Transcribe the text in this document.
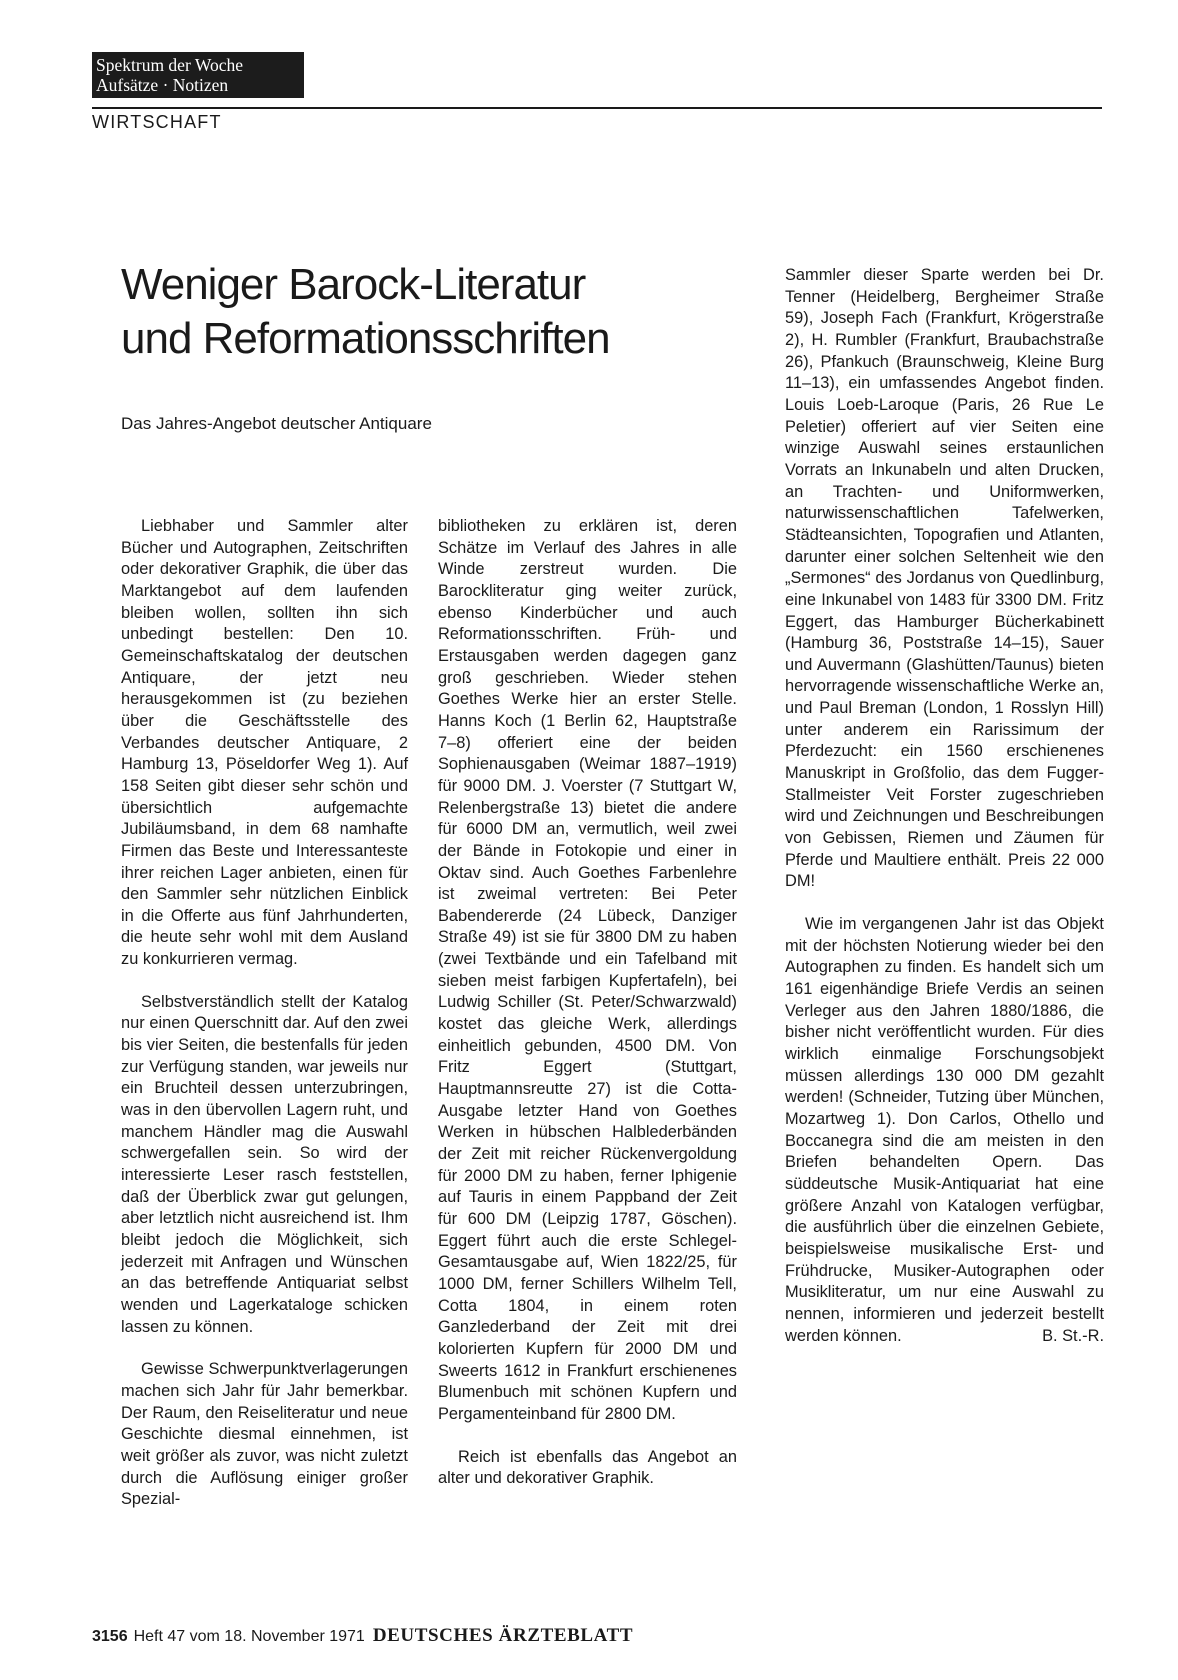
Spektrum der Woche
Aufsätze · Notizen
WIRTSCHAFT
Weniger Barock-Literatur
und Reformationsschriften
Das Jahres-Angebot deutscher Antiquare

Liebhaber und Sammler alter Bücher und Autographen, Zeitschriften oder dekorativer Graphik, die über das Marktangebot auf dem laufenden bleiben wollen, sollten ihn sich unbedingt bestellen: Den 10. Gemeinschaftskatalog der deutschen Antiquare, der jetzt neu herausgekommen ist (zu beziehen über die Geschäftsstelle des Verbandes deutscher Antiquare, 2 Hamburg 13, Pöseldorfer Weg 1). Auf 158 Seiten gibt dieser sehr schön und übersichtlich aufgemachte Jubiläumsband, in dem 68 namhafte Firmen das Beste und Interessanteste ihrer reichen Lager anbieten, einen für den Sammler sehr nützlichen Einblick in die Offerte aus fünf Jahrhunderten, die heute sehr wohl mit dem Ausland zu konkurrieren vermag.

Selbstverständlich stellt der Katalog nur einen Querschnitt dar. Auf den zwei bis vier Seiten, die bestenfalls für jeden zur Verfügung standen, war jeweils nur ein Bruchteil dessen unterzubringen, was in den übervollen Lagern ruht, und manchem Händler mag die Auswahl schwergefallen sein. So wird der interessierte Leser rasch feststellen, daß der Überblick zwar gut gelungen, aber letztlich nicht ausreichend ist. Ihm bleibt jedoch die Möglichkeit, sich jederzeit mit Anfragen und Wünschen an das betreffende Antiquariat selbst wenden und Lagerkataloge schicken lassen zu können.

Gewisse Schwerpunktverlagerungen machen sich Jahr für Jahr bemerkbar. Der Raum, den Reiseliteratur und neue Geschichte diesmal einnehmen, ist weit größer als zuvor, was nicht zuletzt durch die Auflösung einiger großer Spezial-

bibliotheken zu erklären ist, deren Schätze im Verlauf des Jahres in alle Winde zerstreut wurden. Die Barockliteratur ging weiter zurück, ebenso Kinderbücher und auch Reformationsschriften. Früh- und Erstausgaben werden dagegen ganz groß geschrieben. Wieder stehen Goethes Werke hier an erster Stelle. Hanns Koch (1 Berlin 62, Hauptstraße 7–8) offeriert eine der beiden Sophienausgaben (Weimar 1887–1919) für 9000 DM. J. Voerster (7 Stuttgart W, Relenbergstraße 13) bietet die andere für 6000 DM an, vermutlich, weil zwei der Bände in Fotokopie und einer in Oktav sind. Auch Goethes Farbenlehre ist zweimal vertreten: Bei Peter Babendererde (24 Lübeck, Danziger Straße 49) ist sie für 3800 DM zu haben (zwei Textbände und ein Tafelband mit sieben meist farbigen Kupfertafeln), bei Ludwig Schiller (St. Peter/Schwarzwald) kostet das gleiche Werk, allerdings einheitlich gebunden, 4500 DM. Von Fritz Eggert (Stuttgart, Hauptmannsreutte 27) ist die Cotta-Ausgabe letzter Hand von Goethes Werken in hübschen Halblederbänden der Zeit mit reicher Rückenvergoldung für 2000 DM zu haben, ferner Iphigenie auf Tauris in einem Pappband der Zeit für 600 DM (Leipzig 1787, Göschen). Eggert führt auch die erste Schlegel-Gesamtausgabe auf, Wien 1822/25, für 1000 DM, ferner Schillers Wilhelm Tell, Cotta 1804, in einem roten Ganzlederband der Zeit mit drei kolorierten Kupfern für 2000 DM und Sweerts 1612 in Frankfurt erschienenes Blumenbuch mit schönen Kupfern und Pergamenteinband für 2800 DM.

Reich ist ebenfalls das Angebot an alter und dekorativer Graphik.

Sammler dieser Sparte werden bei Dr. Tenner (Heidelberg, Bergheimer Straße 59), Joseph Fach (Frankfurt, Krögerstraße 2), H. Rumbler (Frankfurt, Braubachstraße 26), Pfankuch (Braunschweig, Kleine Burg 11–13), ein umfassendes Angebot finden. Louis Loeb-Laroque (Paris, 26 Rue Le Peletier) offeriert auf vier Seiten eine winzige Auswahl seines erstaunlichen Vorrats an Inkunabeln und alten Drucken, an Trachten- und Uniformwerken, naturwissenschaftlichen Tafelwerken, Städteansichten, Topografien und Atlanten, darunter einer solchen Seltenheit wie den „Sermones“ des Jordanus von Quedlinburg, eine Inkunabel von 1483 für 3300 DM. Fritz Eggert, das Hamburger Bücherkabinett (Hamburg 36, Poststraße 14–15), Sauer und Auvermann (Glashütten/Taunus) bieten hervorragende wissenschaftliche Werke an, und Paul Breman (London, 1 Rosslyn Hill) unter anderem ein Rarissimum der Pferdezucht: ein 1560 erschienenes Manuskript in Großfolio, das dem Fugger-Stallmeister Veit Forster zugeschrieben wird und Zeichnungen und Beschreibungen von Gebissen, Riemen und Zäumen für Pferde und Maultiere enthält. Preis 22 000 DM!

Wie im vergangenen Jahr ist das Objekt mit der höchsten Notierung wieder bei den Autographen zu finden. Es handelt sich um 161 eigenhändige Briefe Verdis an seinen Verleger aus den Jahren 1880/1886, die bisher nicht veröffentlicht wurden. Für dies wirklich einmalige Forschungsobjekt müssen allerdings 130 000 DM gezahlt werden! (Schneider, Tutzing über München, Mozartweg 1). Don Carlos, Othello und Boccanegra sind die am meisten in den Briefen behandelten Opern. Das süddeutsche Musik-Antiquariat hat eine größere Anzahl von Katalogen verfügbar, die ausführlich über die einzelnen Gebiete, beispielsweise musikalische Erst- und Frühdrucke, Musiker-Autographen oder Musikliteratur, um nur eine Auswahl zu nennen, informieren und jederzeit bestellt werden können.	B. St.-R.

3156 Heft 47 vom 18. November 1971 DEUTSCHES ÄRZTEBLATT
